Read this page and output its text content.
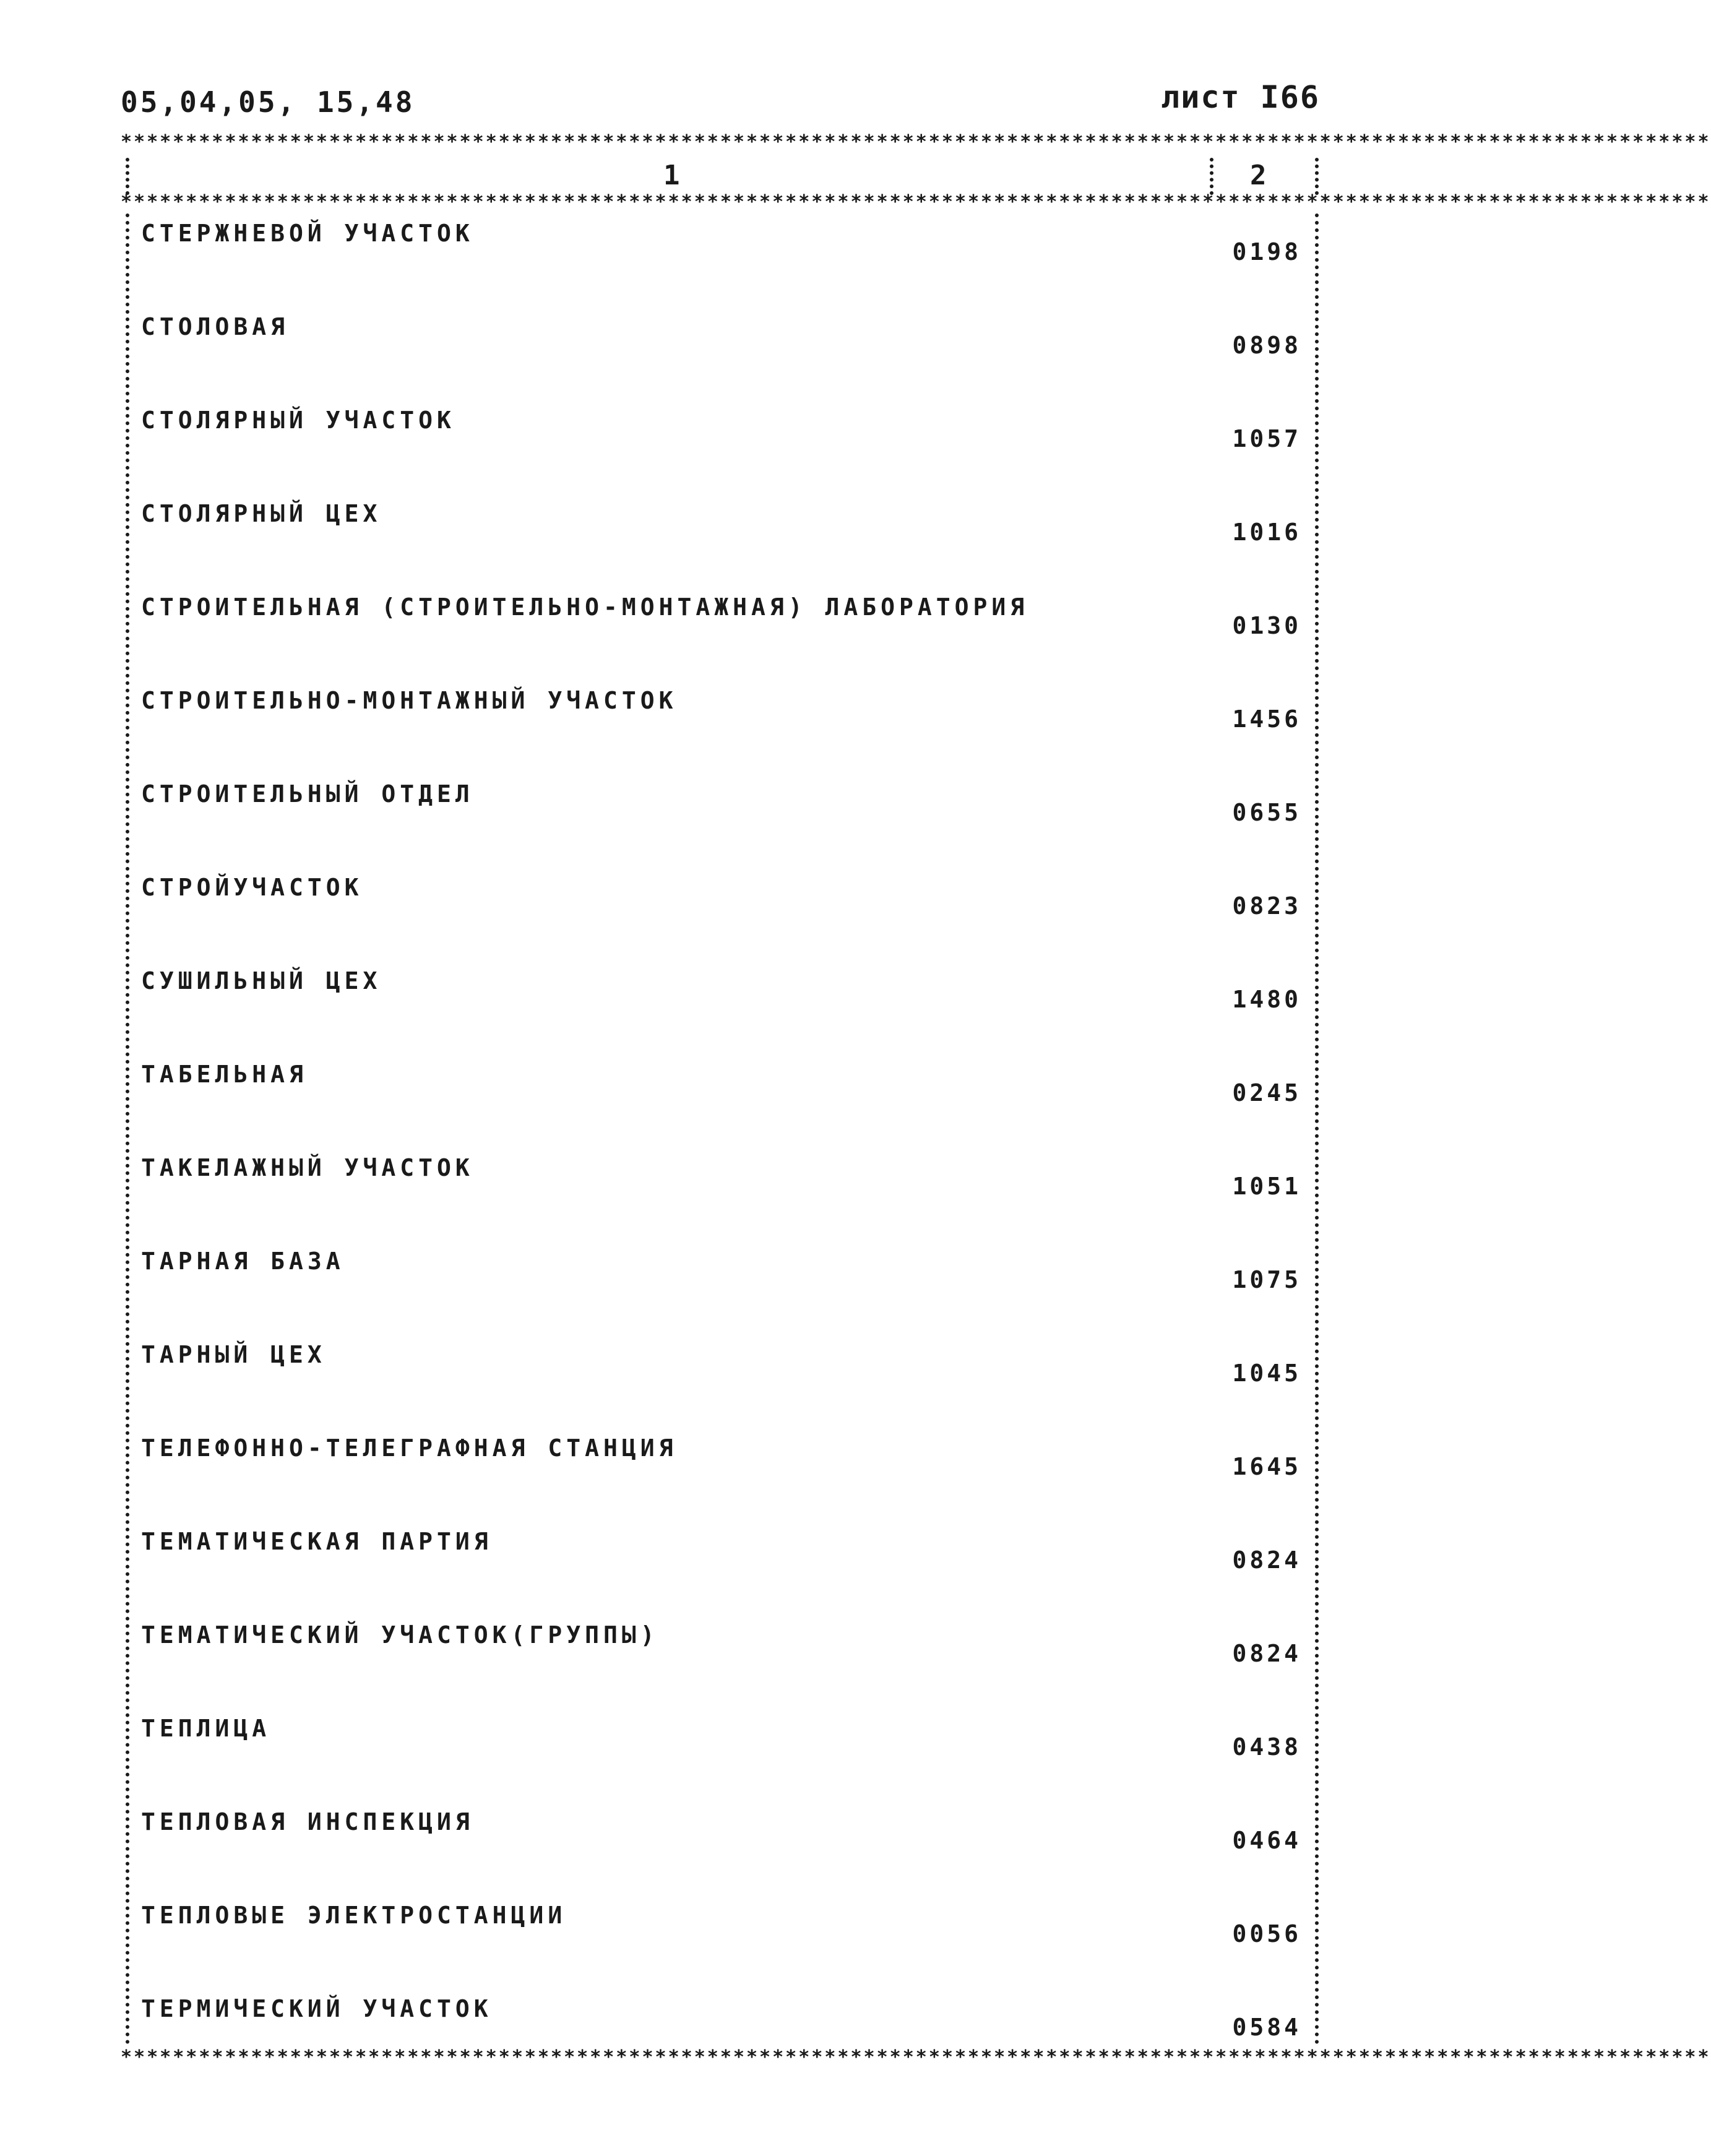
05,04,05, 15,48	лист I66
**************************************************************************************************************************
1	2
**************************************************************************************************************************
СТЕРЖНЕВОЙ УЧАСТОК
0198
СТОЛОВАЯ
0898
СТОЛЯРНЫЙ УЧАСТОК
1057
СТОЛЯРНЫЙ ЦЕХ
1016
СТРОИТЕЛЬНАЯ (СТРОИТЕЛЬНО-МОНТАЖНАЯ) ЛАБОРАТОРИЯ
0130
СТРОИТЕЛЬНО-МОНТАЖНЫЙ УЧАСТОК
1456
СТРОИТЕЛЬНЫЙ ОТДЕЛ
0655
СТРОЙУЧАСТОК
0823
СУШИЛЬНЫЙ ЦЕХ
1480
ТАБЕЛЬНАЯ
0245
ТАКЕЛАЖНЫЙ УЧАСТОК
1051
ТАРНАЯ БАЗА
1075
ТАРНЫЙ ЦЕХ
1045
ТЕЛЕФОННО-ТЕЛЕГРАФНАЯ СТАНЦИЯ
1645
ТЕМАТИЧЕСКАЯ ПАРТИЯ
0824
ТЕМАТИЧЕСКИЙ УЧАСТОК(ГРУППЫ)
0824
ТЕПЛИЦА
0438
ТЕПЛОВАЯ ИНСПЕКЦИЯ
0464
ТЕПЛОВЫЕ ЭЛЕКТРОСТАНЦИИ
0056
ТЕРМИЧЕСКИЙ УЧАСТОК
0584
**************************************************************************************************************************
